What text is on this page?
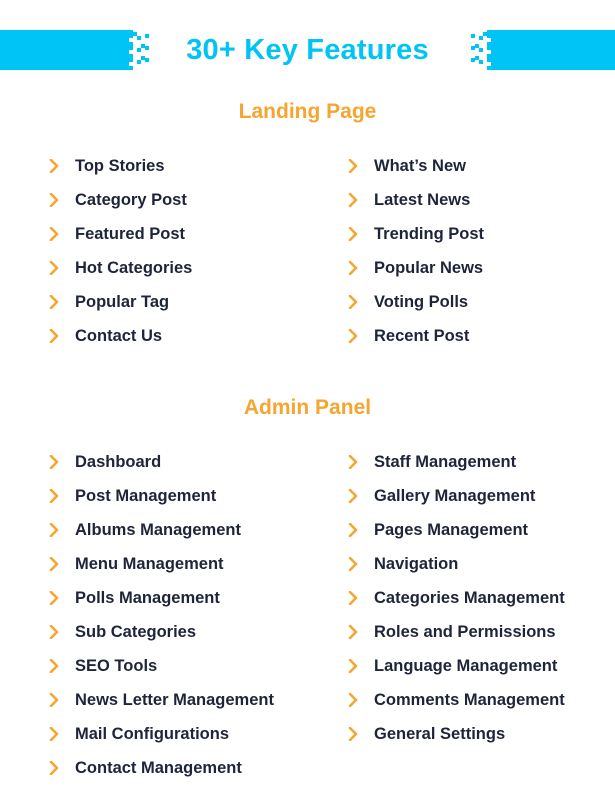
30+ Key Features
Landing Page
Top Stories
Category Post
Featured Post
Hot Categories
Popular Tag
Contact Us
What’s New
Latest News
Trending Post
Popular News
Voting Polls
Recent Post
Admin Panel
Dashboard
Post Management
Albums Management
Menu Management
Polls Management
Sub Categories
SEO Tools
News Letter Management
Mail Configurations
Contact Management
Staff Management
Gallery Management
Pages Management
Navigation
Categories Management
Roles and Permissions
Language Management
Comments Management
General Settings
